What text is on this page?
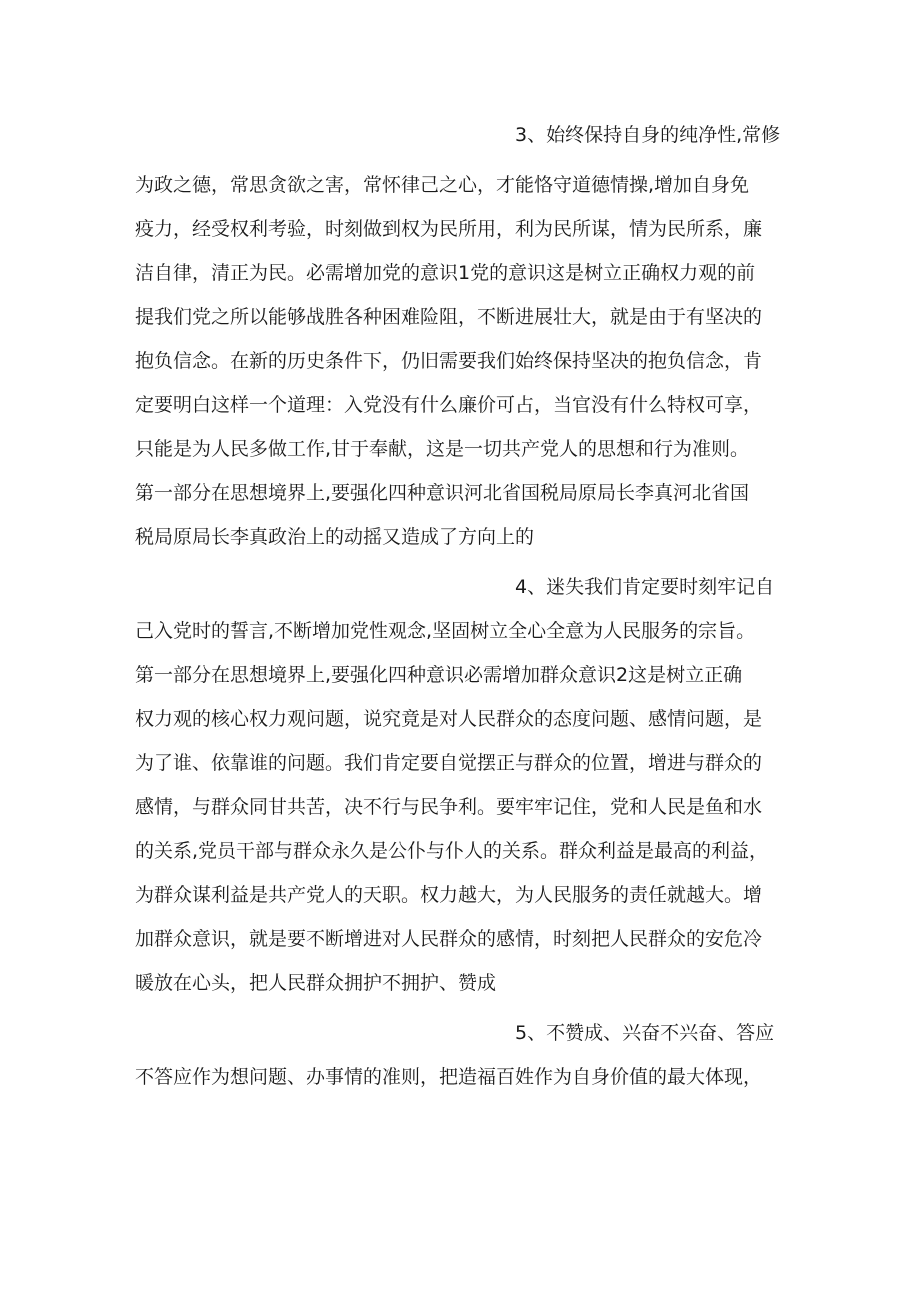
3、始终保持自身的纯净性,常修
为政之德，常思贪欲之害，常怀律己之心，才能恪守道德情操,增加自身免
疫力，经受权利考验，时刻做到权为民所用，利为民所谋，情为民所系，廉
洁自律，清正为民。必需增加党的意识1党的意识这是树立正确权力观的前
提我们党之所以能够战胜各种困难险阻，不断进展壮大，就是由于有坚决的
抱负信念。在新的历史条件下，仍旧需要我们始终保持坚决的抱负信念，肯
定要明白这样一个道理：入党没有什么廉价可占，当官没有什么特权可享，
只能是为人民多做工作,甘于奉献，这是一切共产党人的思想和行为准则。
第一部分在思想境界上,要强化四种意识河北省国税局原局长李真河北省国
税局原局长李真政治上的动摇又造成了方向上的
4、迷失我们肯定要时刻牢记自
己入党时的誓言,不断增加党性观念,坚固树立全心全意为人民服务的宗旨。
第一部分在思想境界上,要强化四种意识必需增加群众意识2这是树立正确
权力观的核心权力观问题，说究竟是对人民群众的态度问题、感情问题，是
为了谁、依靠谁的问题。我们肯定要自觉摆正与群众的位置，增进与群众的
感情，与群众同甘共苦，决不行与民争利。要牢牢记住，党和人民是鱼和水
的关系,党员干部与群众永久是公仆与仆人的关系。群众利益是最高的利益，
为群众谋利益是共产党人的天职。权力越大，为人民服务的责任就越大。增
加群众意识，就是要不断增进对人民群众的感情，时刻把人民群众的安危冷
暖放在心头，把人民群众拥护不拥护、赞成
5、不赞成、兴奋不兴奋、答应
不答应作为想问题、办事情的准则，把造福百姓作为自身价值的最大体现，
